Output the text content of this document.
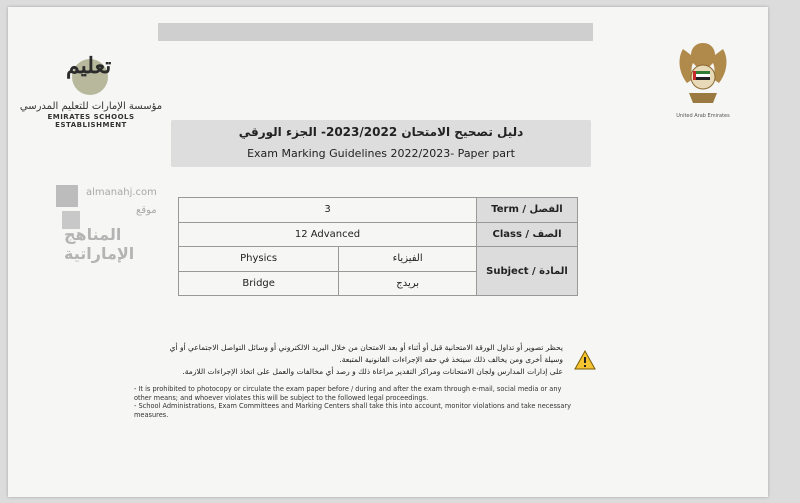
تعليم
مؤسسة الإمارات للتعليم المدرسي
EMIRATES SCHOOLS ESTABLISHMENT
United Arab Emirates
دليل تصحيح الامتحان 2023/2022- الجزء الورقي
Exam Marking Guidelines 2022/2023- Paper part
almanahj.com
موقع
المناهج الإماراتية
3		Term / الفصل
12 Advanced		Class / الصف
Physics	الفيزياء	Subject / المادة
Bridge	بريدج	
يحظر تصوير أو تداول الورقة الامتحانية قبل أو أثناء أو بعد الامتحان من خلال البريد الالكتروني أو وسائل التواصل الاجتماعي أو أي وسيلة أخرى ومن يخالف ذلك سيتخذ في حقه الإجراءات القانونية المتبعة.
على إدارات المدارس ولجان الامتحانات ومراكز التقدير مراعاة ذلك و رصد أي مخالفات والعمل على اتخاذ الإجراءات اللازمة.
- It is prohibited to photocopy or circulate the exam paper before / during and after the exam through e-mail, social media or any other means; and whoever violates this will be subject to the followed legal proceedings.
- School Administrations, Exam Committees and Marking Centers shall take this into account, monitor violations and take necessary measures.
